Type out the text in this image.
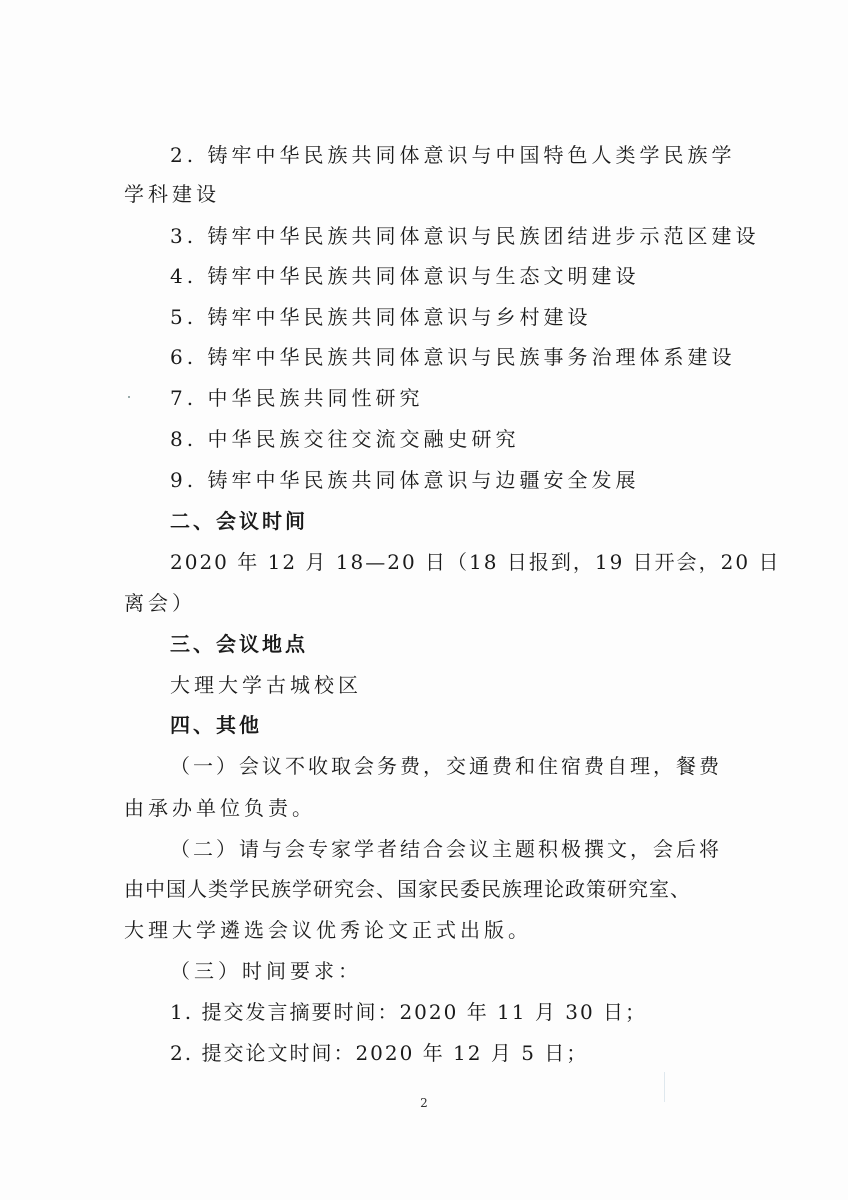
2. 铸牢中华民族共同体意识与中国特色人类学民族学
学科建设
3. 铸牢中华民族共同体意识与民族团结进步示范区建设
4. 铸牢中华民族共同体意识与生态文明建设
5. 铸牢中华民族共同体意识与乡村建设
6. 铸牢中华民族共同体意识与民族事务治理体系建设
7. 中华民族共同性研究
8. 中华民族交往交流交融史研究
9. 铸牢中华民族共同体意识与边疆安全发展
二、会议时间
2020 年 12 月 18—20 日（18 日报到，19 日开会，20 日
离会）
三、会议地点
大理大学古城校区
四、其他
（一）会议不收取会务费，交通费和住宿费自理，餐费
由承办单位负责。
（二）请与会专家学者结合会议主题积极撰文，会后将
由中国人类学民族学研究会、国家民委民族理论政策研究室、
大理大学遴选会议优秀论文正式出版。
（三）时间要求：
1. 提交发言摘要时间：2020 年 11 月 30 日；
2. 提交论文时间：2020 年 12 月 5 日；
2
